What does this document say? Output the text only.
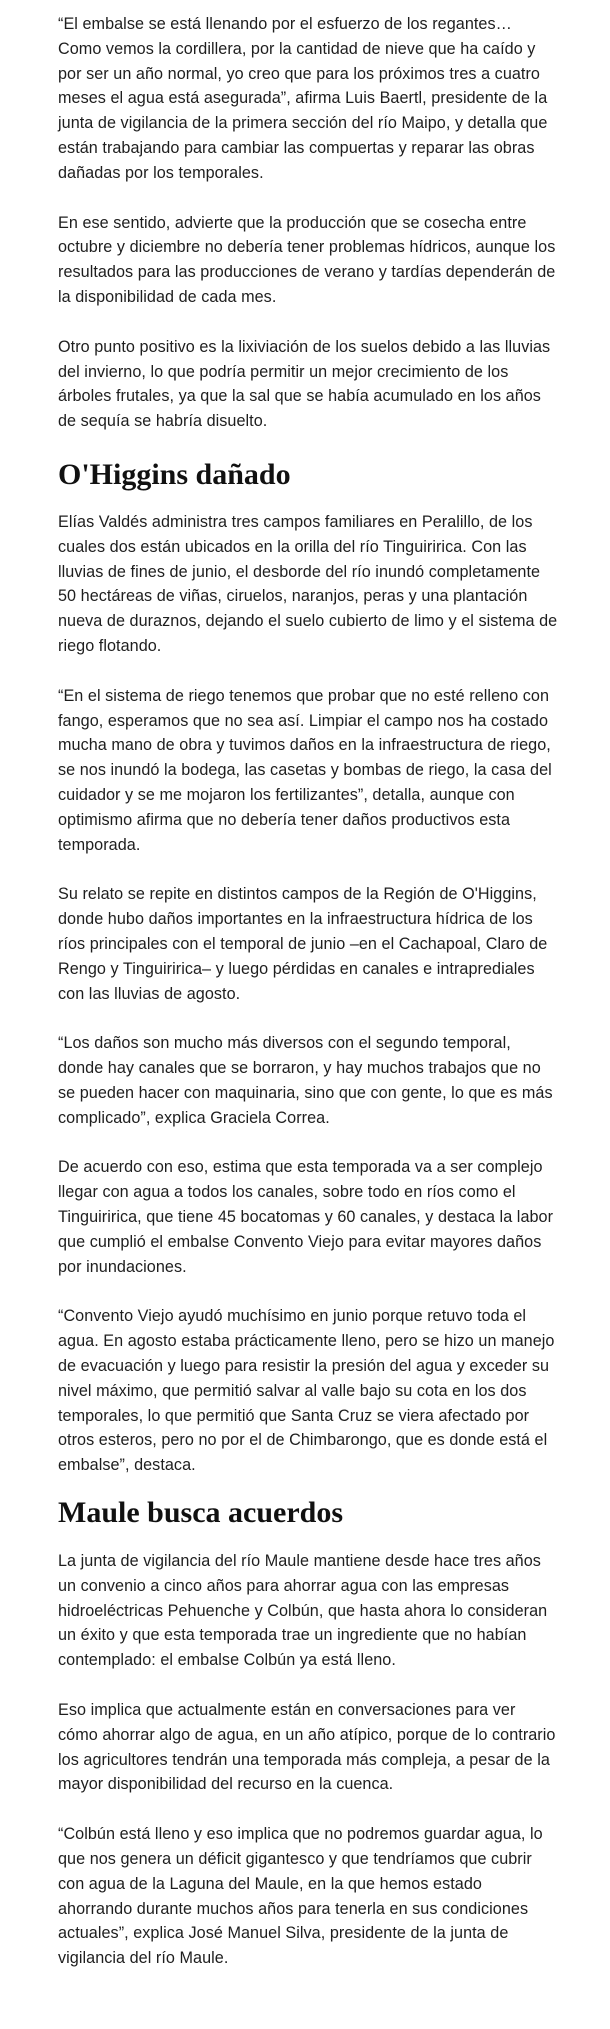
“El embalse se está llenando por el esfuerzo de los regantes… Como vemos la cordillera, por la cantidad de nieve que ha caído y por ser un año normal, yo creo que para los próximos tres a cuatro meses el agua está asegurada”, afirma Luis Baertl, presidente de la junta de vigilancia de la primera sección del río Maipo, y detalla que están trabajando para cambiar las compuertas y reparar las obras dañadas por los temporales.

En ese sentido, advierte que la producción que se cosecha entre octubre y diciembre no debería tener problemas hídricos, aunque los resultados para las producciones de verano y tardías dependerán de la disponibilidad de cada mes.

Otro punto positivo es la lixiviación de los suelos debido a las lluvias del invierno, lo que podría permitir un mejor crecimiento de los árboles frutales, ya que la sal que se había acumulado en los años de sequía se habría disuelto.

O'Higgins dañado

Elías Valdés administra tres campos familiares en Peralillo, de los cuales dos están ubicados en la orilla del río Tinguiririca. Con las lluvias de fines de junio, el desborde del río inundó completamente 50 hectáreas de viñas, ciruelos, naranjos, peras y una plantación nueva de duraznos, dejando el suelo cubierto de limo y el sistema de riego flotando.

“En el sistema de riego tenemos que probar que no esté relleno con fango, esperamos que no sea así. Limpiar el campo nos ha costado mucha mano de obra y tuvimos daños en la infraestructura de riego, se nos inundó la bodega, las casetas y bombas de riego, la casa del cuidador y se me mojaron los fertilizantes”, detalla, aunque con optimismo afirma que no debería tener daños productivos esta temporada.

Su relato se repite en distintos campos de la Región de O'Higgins, donde hubo daños importantes en la infraestructura hídrica de los ríos principales con el temporal de junio –en el Cachapoal, Claro de Rengo y Tinguiririca– y luego pérdidas en canales e intraprediales con las lluvias de agosto.

“Los daños son mucho más diversos con el segundo temporal, donde hay canales que se borraron, y hay muchos trabajos que no se pueden hacer con maquinaria, sino que con gente, lo que es más complicado”, explica Graciela Correa.

De acuerdo con eso, estima que esta temporada va a ser complejo llegar con agua a todos los canales, sobre todo en ríos como el Tinguiririca, que tiene 45 bocatomas y 60 canales, y destaca la labor que cumplió el embalse Convento Viejo para evitar mayores daños por inundaciones.

“Convento Viejo ayudó muchísimo en junio porque retuvo toda el agua. En agosto estaba prácticamente lleno, pero se hizo un manejo de evacuación y luego para resistir la presión del agua y exceder su nivel máximo, que permitió salvar al valle bajo su cota en los dos temporales, lo que permitió que Santa Cruz se viera afectado por otros esteros, pero no por el de Chimbarongo, que es donde está el embalse”, destaca.

Maule busca acuerdos

La junta de vigilancia del río Maule mantiene desde hace tres años un convenio a cinco años para ahorrar agua con las empresas hidroeléctricas Pehuenche y Colbún, que hasta ahora lo consideran un éxito y que esta temporada trae un ingrediente que no habían contemplado: el embalse Colbún ya está lleno.

Eso implica que actualmente están en conversaciones para ver cómo ahorrar algo de agua, en un año atípico, porque de lo contrario los agricultores tendrán una temporada más compleja, a pesar de la mayor disponibilidad del recurso en la cuenca.

“Colbún está lleno y eso implica que no podremos guardar agua, lo que nos genera un déficit gigantesco y que tendríamos que cubrir con agua de la Laguna del Maule, en la que hemos estado ahorrando durante muchos años para tenerla en sus condiciones actuales”, explica José Manuel Silva, presidente de la junta de vigilancia del río Maule.
